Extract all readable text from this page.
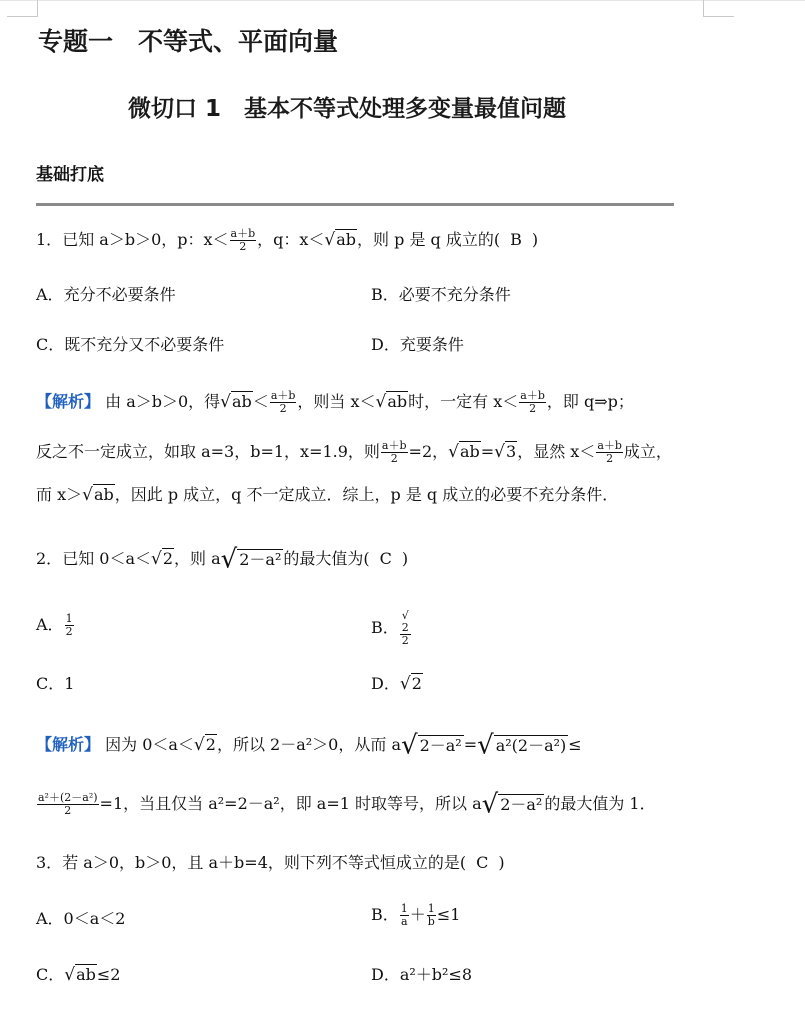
专题一　不等式、平面向量
微切口 1　基本不等式处理多变量最值问题
基础打底
1．已知 a＞b＞0，p：$x< \frac{a+b}{2}$ ，q：x＜√ab，则 p 是 q 成立的( B )
A．充分不必要条件	B．必要不充分条件
C．既不充分又不必要条件	D．充要条件
【解析】 由 a＞b＞0，得$√ab< \frac{a+b}{2}$ ，则当 x＜√ab时，一定有 $x< \frac{a+b}{2}$ ，即 q⇒p；
反之不一定成立，如取 a=3，b=1，x=1.9，则 $\frac{a+b}{2} =2$，√ab=√3，显然 $x< \frac{a+b}{2}$ 成立，
而 x＞√ab，因此 p 成立，q 不一定成立．综上，p 是 q 成立的必要不充分条件．
2．已知 0＜a＜√2，则 a√ 2－a² 的最大值为( C )
A． $\frac{1}{2}$	B． √
2
2
C．1	D．√2
【解析】 因为 0＜a＜√2，所以 2－a²＞0，从而 a√ 2－a² =√ a²(2－a²) ≤
$\frac{\text{a²＋(2－a²)}}{2} =1$，当且仅当 a²=2－a²，即 a=1 时取等号，所以 a√ 2－a² 的最大值为 1．
3．若 a＞0，b＞0，且 a＋b=4，则下列不等式恒成立的是( C )
A．0＜a＜2	B． $\frac{1}{a} + \frac{1}{b} \le 1$
C．√ab≤2	D．a²＋b²≤8
